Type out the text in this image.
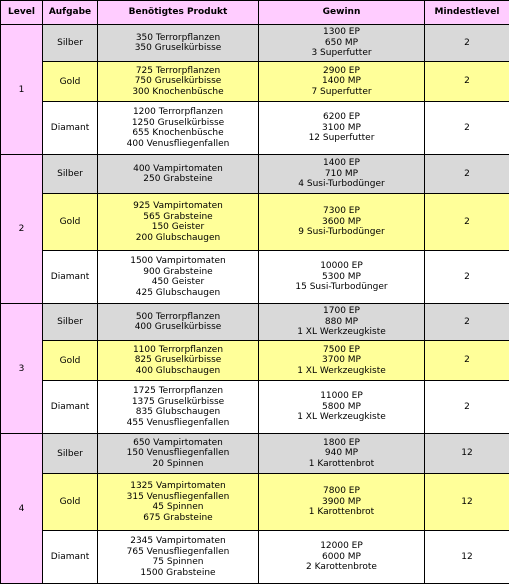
Level	Aufgabe	Benötigtes Produkt	Gewinn	Mindestlevel
1	Silber	350 Terrorpflanzen
350 Gruselkürbisse	1300 EP
650 MP
3 Superfutter	2
	Gold	725 Terrorpflanzen
750 Gruselkürbisse
300 Knochenbüsche	2900 EP
1400 MP
7 Superfutter	2
	Diamant	1200 Terrorpflanzen
1250 Gruselkürbisse
655 Knochenbüsche
400 Venusfliegenfallen	6200 EP
3100 MP
12 Superfutter	2
2	Silber	400 Vampirtomaten
250 Grabsteine	1400 EP
710 MP
4 Susi-Turbodünger	2
	Gold	925 Vampirtomaten
565 Grabsteine
150 Geister
200 Glubschaugen	7300 EP
3600 MP
9 Susi-Turbodünger	2
	Diamant	1500 Vampirtomaten
900 Grabsteine
450 Geister
425 Glubschaugen	10000 EP
5300 MP
15 Susi-Turbodünger	2
3	Silber	500 Terrorpflanzen
400 Gruselkürbisse	1700 EP
880 MP
1 XL Werkzeugkiste	2
	Gold	1100 Terrorpflanzen
825 Gruselkürbisse
400 Glubschaugen	7500 EP
3700 MP
1 XL Werkzeugkiste	2
	Diamant	1725 Terrorpflanzen
1375 Gruselkürbisse
835 Glubschaugen
455 Venusfliegenfallen	11000 EP
5800 MP
1 XL Werkzeugkiste	2
4	Silber	650 Vampirtomaten
150 Venusfliegenfallen
20 Spinnen	1800 EP
940 MP
1 Karottenbrot	12
	Gold	1325 Vampirtomaten
315 Venusfliegenfallen
45 Spinnen
675 Grabsteine	7800 EP
3900 MP
1 Karottenbrot	12
	Diamant	2345 Vampirtomaten
765 Venusfliegenfallen
75 Spinnen
1500 Grabsteine	12000 EP
6000 MP
2 Karottenbrote	12
